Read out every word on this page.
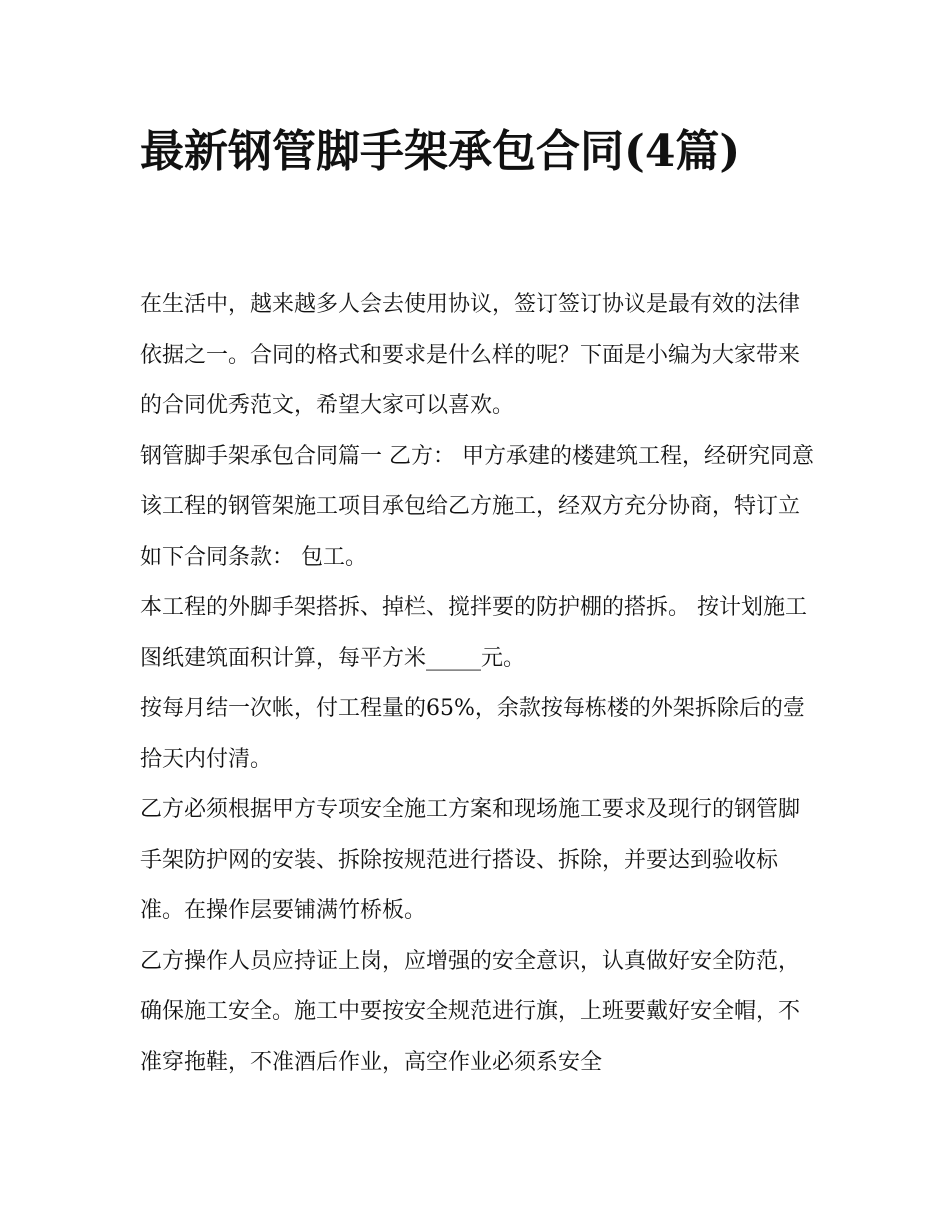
最新钢管脚手架承包合同(4篇)

在生活中，越来越多人会去使用协议，签订签订协议是最有效的法律依据之一。合同的格式和要求是什么样的呢？下面是小编为大家带来的合同优秀范文，希望大家可以喜欢。

钢管脚手架承包合同篇一 乙方： 甲方承建的楼建筑工程，经研究同意该工程的钢管架施工项目承包给乙方施工，经双方充分协商，特订立如下合同条款： 包工。

本工程的外脚手架搭拆、掉栏、搅拌要的防护棚的搭拆。 按计划施工图纸建筑面积计算，每平方米_____元。

按每月结一次帐，付工程量的65%，余款按每栋楼的外架拆除后的壹拾天内付清。

乙方必须根据甲方专项安全施工方案和现场施工要求及现行的钢管脚手架防护网的安装、拆除按规范进行搭设、拆除，并要达到验收标准。在操作层要铺满竹桥板。

乙方操作人员应持证上岗，应增强的安全意识，认真做好安全防范，确保施工安全。施工中要按安全规范进行旗，上班要戴好安全帽，不准穿拖鞋，不准酒后作业，高空作业必须系安全
